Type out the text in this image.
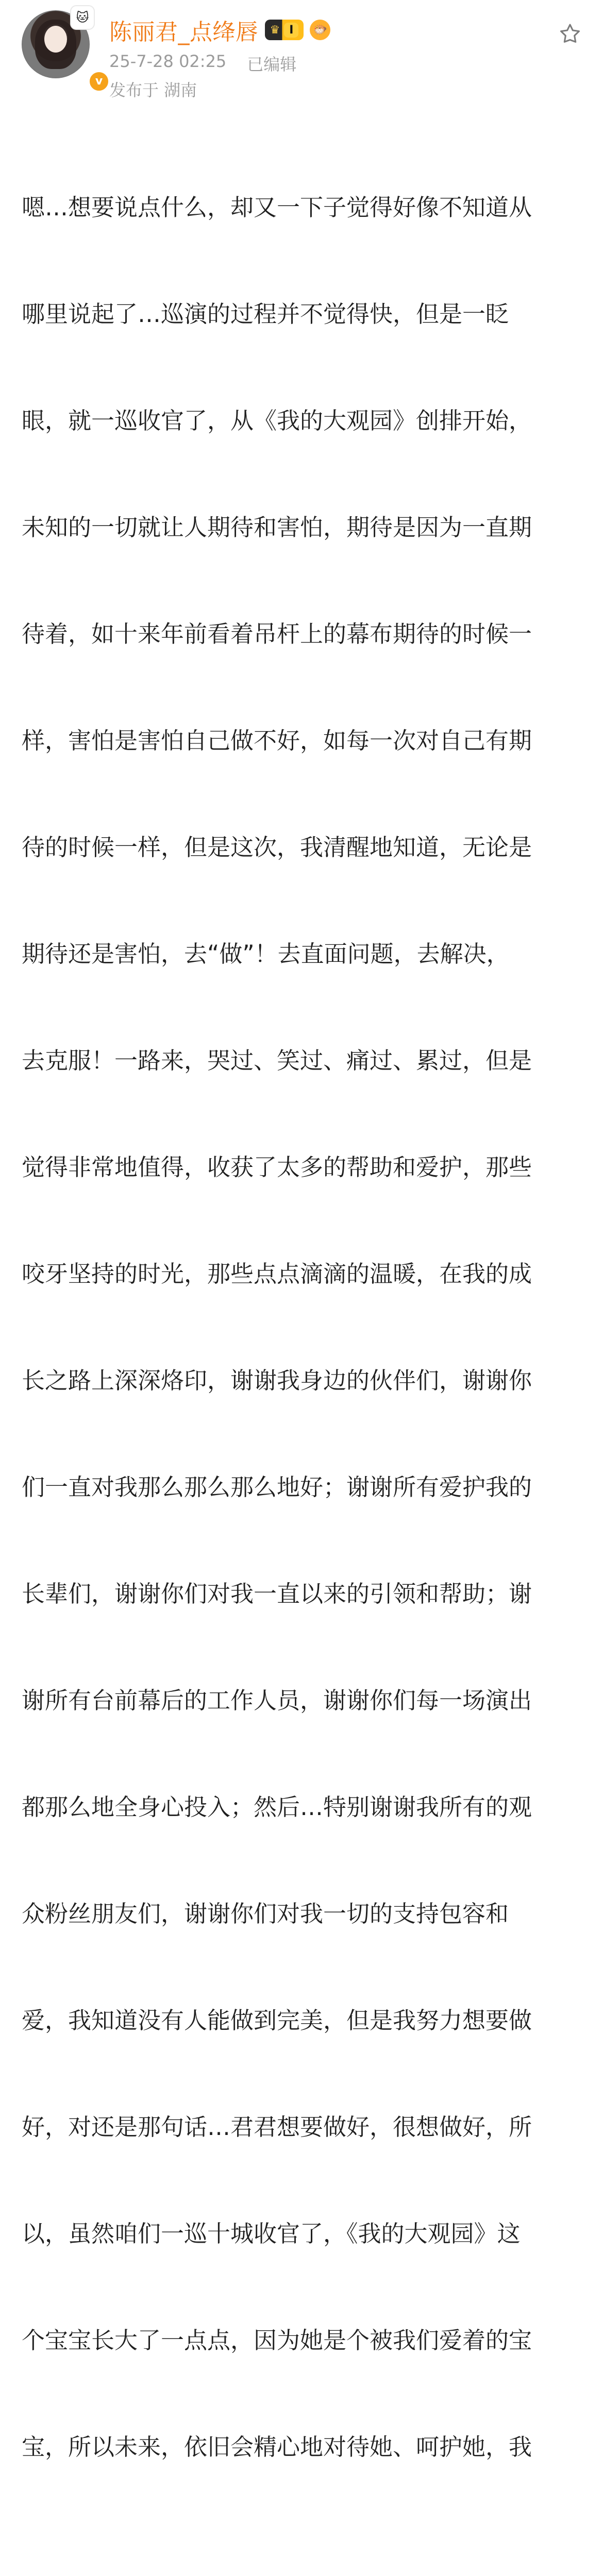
🐱
v
陈丽君_点绛唇 ♛ I	🐡
25-7-28 02:25 已编辑
发布于 湖南

嗯…想要说点什么，却又一下子觉得好像不知道从

哪里说起了…巡演的过程并不觉得快，但是一眨

眼，就一巡收官了，从《我的大观园》创排开始，

未知的一切就让人期待和害怕，期待是因为一直期

待着，如十来年前看着吊杆上的幕布期待的时候一

样，害怕是害怕自己做不好，如每一次对自己有期

待的时候一样，但是这次，我清醒地知道，无论是

期待还是害怕，去“做”！去直面问题，去解决，

去克服！一路来，哭过、笑过、痛过、累过，但是

觉得非常地值得，收获了太多的帮助和爱护，那些

咬牙坚持的时光，那些点点滴滴的温暖，在我的成

长之路上深深烙印，谢谢我身边的伙伴们，谢谢你

们一直对我那么那么那么地好；谢谢所有爱护我的

长辈们，谢谢你们对我一直以来的引领和帮助；谢

谢所有台前幕后的工作人员，谢谢你们每一场演出

都那么地全身心投入；然后…特别谢谢我所有的观

众粉丝朋友们，谢谢你们对我一切的支持包容和

爱，我知道没有人能做到完美，但是我努力想要做

好，对还是那句话…君君想要做好，很想做好，所

以，虽然咱们一巡十城收官了，《我的大观园》这

个宝宝长大了一点点，因为她是个被我们爱着的宝

宝，所以未来，依旧会精心地对待她、呵护她，我
